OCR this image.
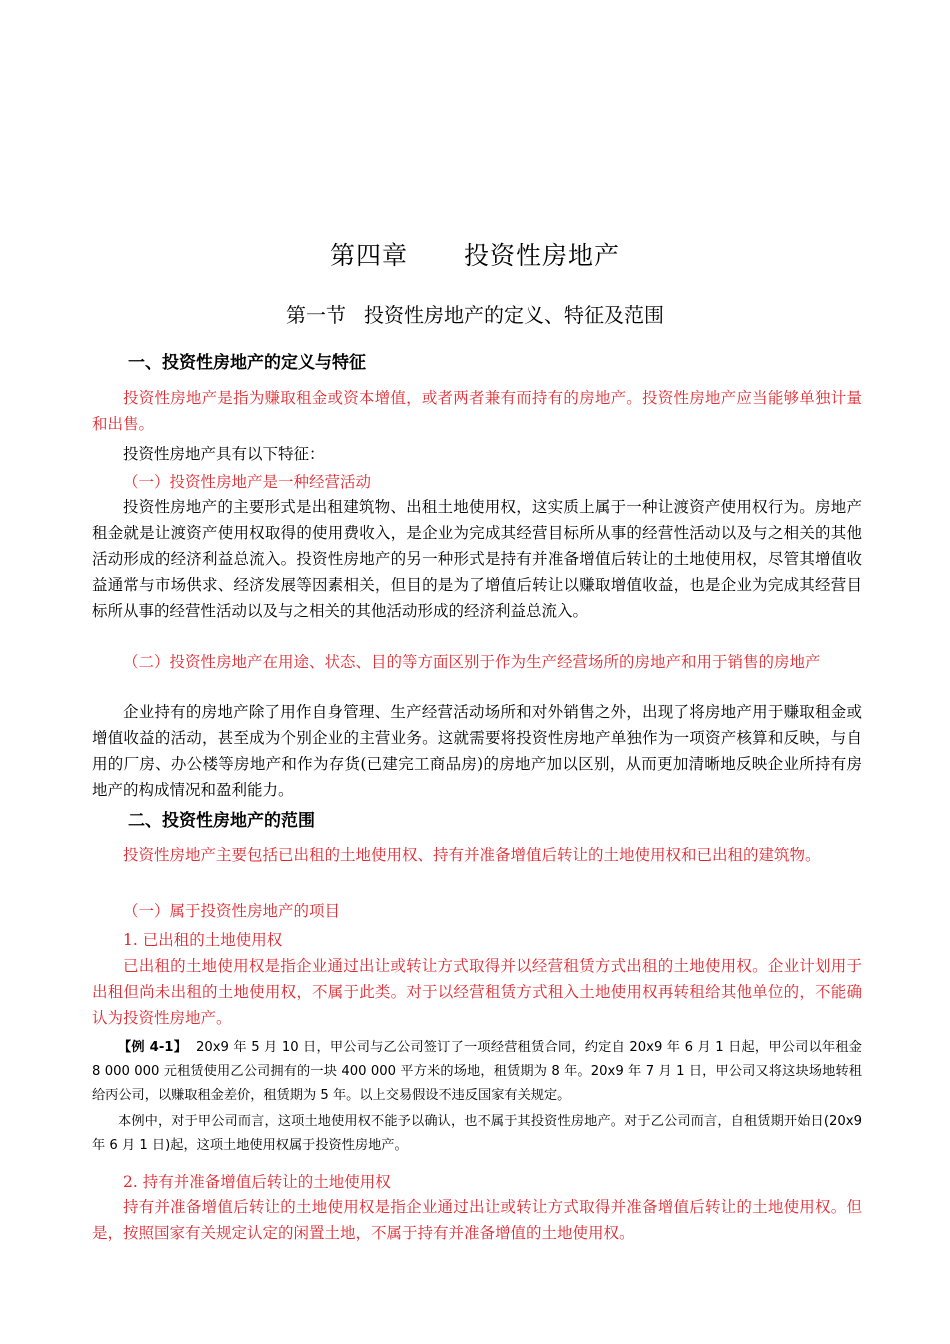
第四章 投资性房地产
第一节 投资性房地产的定义、特征及范围
一、投资性房地产的定义与特征

投资性房地产是指为赚取租金或资本增值，或者两者兼有而持有的房地产。投资性房地产应当能够单独计量和出售。

投资性房地产具有以下特征：

（一）投资性房地产是一种经营活动

投资性房地产的主要形式是出租建筑物、出租土地使用权，这实质上属于一种让渡资产使用权行为。房地产租金就是让渡资产使用权取得的使用费收入，是企业为完成其经营目标所从事的经营性活动以及与之相关的其他活动形成的经济利益总流入。投资性房地产的另一种形式是持有并准备增值后转让的土地使用权，尽管其增值收益通常与市场供求、经济发展等因素相关，但目的是为了增值后转让以赚取增值收益，也是企业为完成其经营目标所从事的经营性活动以及与之相关的其他活动形成的经济利益总流入。

（二）投资性房地产在用途、状态、目的等方面区别于作为生产经营场所的房地产和用于销售的房地产

企业持有的房地产除了用作自身管理、生产经营活动场所和对外销售之外，出现了将房地产用于赚取租金或增值收益的活动，甚至成为个别企业的主营业务。这就需要将投资性房地产单独作为一项资产核算和反映，与自用的厂房、办公楼等房地产和作为存货(已建完工商品房)的房地产加以区别，从而更加清晰地反映企业所持有房地产的构成情况和盈利能力。

二、投资性房地产的范围

投资性房地产主要包括已出租的土地使用权、持有并准备增值后转让的土地使用权和已出租的建筑物。

（一）属于投资性房地产的项目

1. 已出租的土地使用权

已出租的土地使用权是指企业通过出让或转让方式取得并以经营租赁方式出租的土地使用权。企业计划用于出租但尚未出租的土地使用权，不属于此类。对于以经营租赁方式租入土地使用权再转租给其他单位的，不能确认为投资性房地产。

【例 4-1】 20x9 年 5 月 10 日，甲公司与乙公司签订了一项经营租赁合同，约定自 20x9 年 6 月 1 日起，甲公司以年租金 8 000 000 元租赁使用乙公司拥有的一块 400 000 平方米的场地，租赁期为 8 年。20x9 年 7 月 1 日，甲公司又将这块场地转租给丙公司，以赚取租金差价，租赁期为 5 年。以上交易假设不违反国家有关规定。

本例中，对于甲公司而言，这项土地使用权不能予以确认，也不属于其投资性房地产。对于乙公司而言，自租赁期开始日(20x9 年 6 月 1 日)起，这项土地使用权属于投资性房地产。

2. 持有并准备增值后转让的土地使用权

持有并准备增值后转让的土地使用权是指企业通过出让或转让方式取得并准备增值后转让的土地使用权。但是，按照国家有关规定认定的闲置土地，不属于持有并准备增值的土地使用权。
